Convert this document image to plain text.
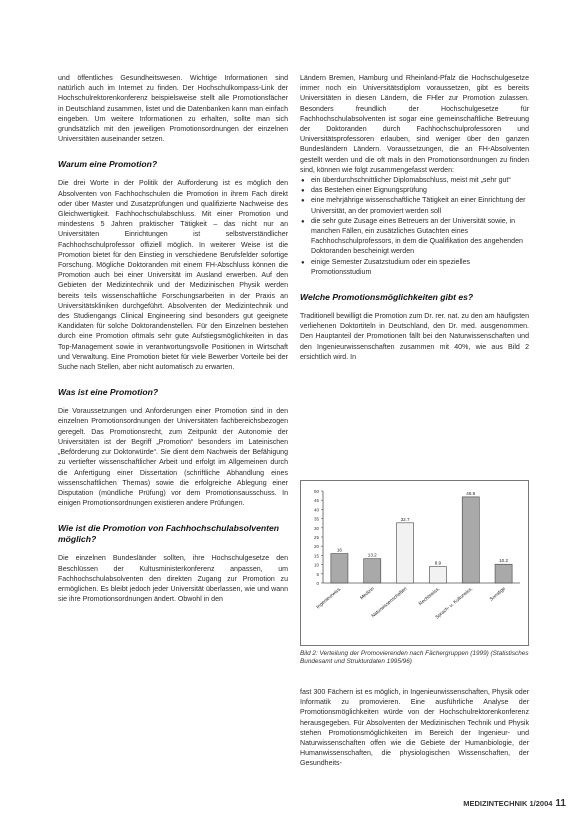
und öffentliches Gesundheitswesen. Wichtige Informationen sind natürlich auch im Internet zu finden. Der Hochschulkompass-Link der Hochschulrektorenkonferenz beispielsweise stellt alle Promotionsfächer in Deutschland zusammen, listet und die Datenbanken kann man einfach eingeben. Um weitere Informationen zu erhalten, sollte man sich grundsätzlich mit den jeweiligen Promotionsordnungen der einzelnen Universitäten auseinander setzen.

Warum eine Promotion?

Die drei Worte in der Politik der Aufforderung ist es möglich den Absolventen von Fachhochschulen die Promotion in ihrem Fach direkt oder über Master und Zusatzprüfungen und qualifizierte Nachweise des Gleichwertigkeit. Fachhochschulabschluss. Mit einer Promotion und mindestens 5 Jahren praktischer Tätigkeit – das nicht nur an Universitäten Einrichtungen ist selbstverständlicher Fachhochschulprofessor offiziell möglich. In weiterer Weise ist die Promotion bietet für den Einstieg in verschiedene Berufsfelder sofortige Forschung. Mögliche Doktoranden mit einem FH-Abschluss können die Promotion auch bei einer Universität im Ausland erwerben. Auf den Gebieten der Medizintechnik und der Medizinischen Physik werden bereits teils wissenschaftliche Forschungsarbeiten in der Praxis an Universitätskliniken durchgeführt. Absolventen der Medizintechnik und des Studiengangs Clinical Engineering sind besonders gut geeignete Kandidaten für solche Doktorandenstellen. Für den Einzelnen bestehen durch eine Promotion oftmals sehr gute Aufstiegsmöglichkeiten in das Top-Management sowie in verantwortungsvolle Positionen in Wirtschaft und Verwaltung. Eine Promotion bietet für viele Bewerber Vorteile bei der Suche nach Stellen, aber nicht automatisch zu erwarten.

Was ist eine Promotion?

Die Voraussetzungen und Anforderungen einer Promotion sind in den einzelnen Promotionsordnungen der Universitäten fachbereichsbezogen geregelt. Das Promotionsrecht, zum Zeitpunkt der Autonomie der Universitäten ist der Begriff „Promotion“ besonders im Lateinischen „Beförderung zur Doktorwürde“. Sie dient dem Nachweis der Befähigung zu vertiefter wissenschaftlicher Arbeit und erfolgt im Allgemeinen durch die Anfertigung einer Dissertation (schriftliche Abhandlung eines wissenschaftlichen Themas) sowie die erfolgreiche Ablegung einer Disputation (mündliche Prüfung) vor dem Promotionsausschuss. In einigen Promotionsordnungen existieren andere Prüfungen.

Wie ist die Promotion von Fachhochschulabsolventen möglich?

Die einzelnen Bundesländer sollten, ihre Hochschulgesetze den Beschlüssen der Kultusministerkonferenz anpassen, um Fachhochschulabsolventen den direkten Zugang zur Promotion zu ermöglichen. Es bleibt jedoch jeder Universität überlassen, wie und wann sie ihre Promotionsordnungen ändert. Obwohl in den

Ländern Bremen, Hamburg und Rheinland-Pfalz die Hochschulgesetze immer noch ein Universitätsdiplom voraussetzen, gibt es bereits Universitäten in diesen Ländern, die FHler zur Promotion zulassen. Besonders freundlich der Hochschulgesetze für Fachhochschulabsolventen ist sogar eine gemeinschaftliche Betreuung der Doktoranden durch Fachhochschulprofessoren und Universitätsprofessoren erlauben, sind weniger über den ganzen Bundesländern Ländern. Voraussetzungen, die an FH-Absolventen gestellt werden und die oft mals in den Promotionsordnungen zu finden sind, können wie folgt zusammengefasst werden:

● ein überdurchschnittlicher Diplomabschluss, meist mit „sehr gut“
● das Bestehen einer Eignungsprüfung
● eine mehrjährige wissenschaftliche Tätigkeit an einer Einrichtung der Universität, an der promoviert werden soll
● die sehr gute Zusage eines Betreuers an der Universität sowie, in manchen Fällen, ein zusätzliches Gutachten eines Fachhochschulprofessors, in dem die Qualifikation des angehenden Doktoranden bescheinigt werden
● einige Semester Zusatzstudium oder ein spezielles Promotionsstudium
Welche Promotionsmöglichkeiten gibt es?

Traditionell bewilligt die Promotion zum Dr. rer. nat. zu den am häufigsten verliehenen Doktortiteln in Deutschland, den Dr. med. ausgenommen. Den Hauptanteil der Promotionen fällt bei den Naturwissenschaften und den Ingenieurwissenschaften zusammen mit 40%, wie aus Bild 2 ersichtlich wird. In

0
5
10
15
20
25
30
35
40
45
50
16
Ingenieurwiss.
13.2
Medizin
32.7
Naturwissenschaften
8.9
Rechtswiss.
46.8
Sprach- u. Kulturwiss.
10.2
Sonstige
Bild 2: Verteilung der Promovierenden nach Fächergruppen (1999) (Statistisches Bundesamt und Strukturdaten 1995/96)

fast 300 Fächern ist es möglich, in Ingenieurwissenschaften, Physik oder Informatik zu promovieren. Eine ausführliche Analyse der Promotionsmöglichkeiten würde von der Hochschulrektorenkonferenz herausgegeben. Für Absolventen der Medizinischen Technik und Physik stehen Promotionsmöglichkeiten im Bereich der Ingenieur- und Naturwissenschaften offen wie die Gebiete der Humanbiologie, der Humanwissenschaften, die physiologischen Wissenschaften, der Gesundheits-

MEDIZINTECHNIK 1/2004 11
